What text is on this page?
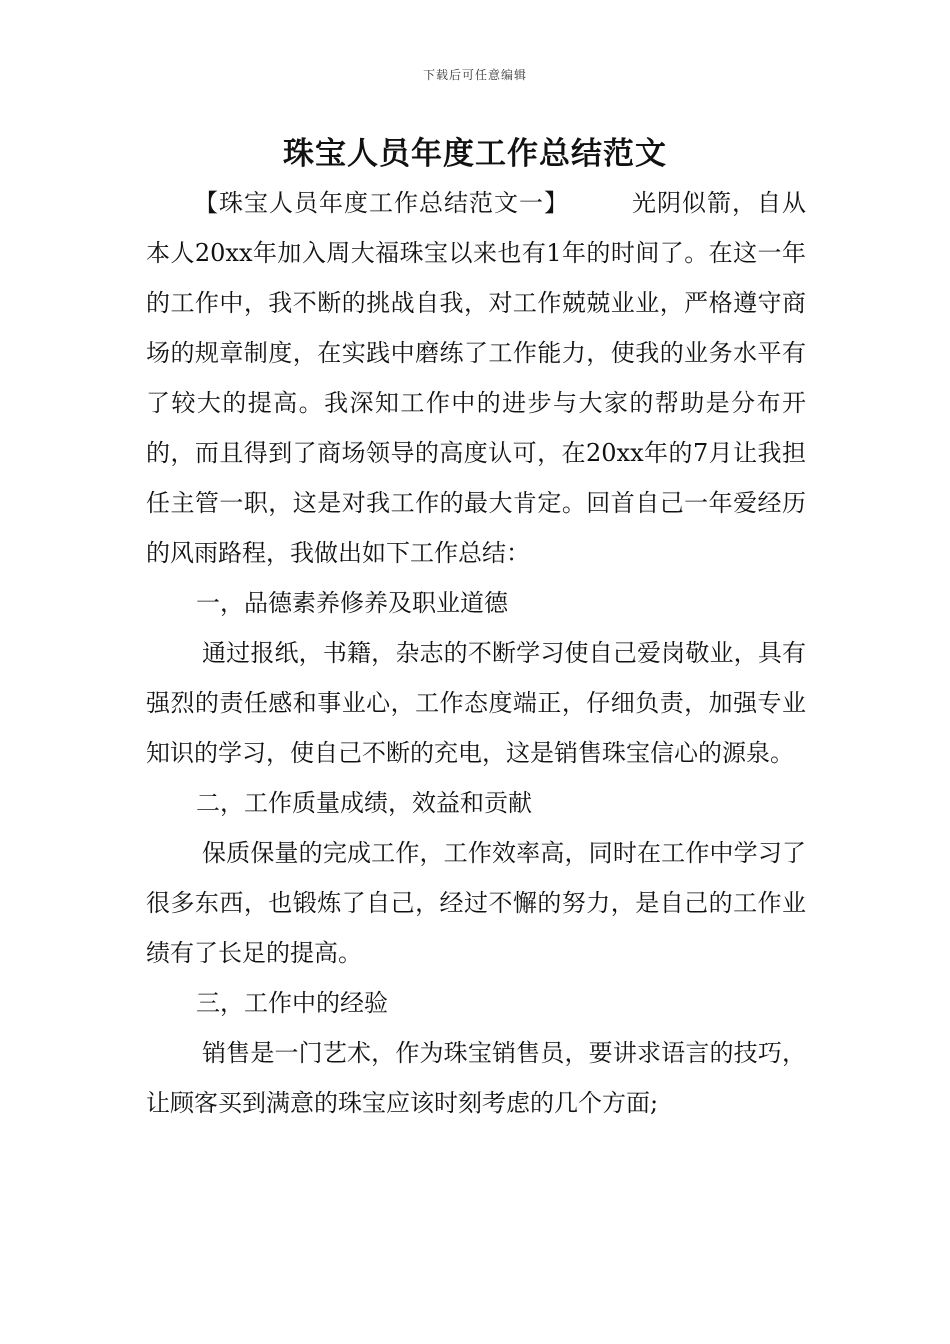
下载后可任意编辑
珠宝人员年度工作总结范文

【珠宝人员年度工作总结范文一】	光阴似箭，自从本人20xx年加入周大福珠宝以来也有1年的时间了。在这一年的工作中，我不断的挑战自我，对工作兢兢业业，严格遵守商场的规章制度，在实践中磨练了工作能力，使我的业务水平有了较大的提高。我深知工作中的进步与大家的帮助是分布开的，而且得到了商场领导的高度认可，在20xx年的7月让我担任主管一职，这是对我工作的最大肯定。回首自己一年爱经历的风雨路程，我做出如下工作总结：

一，品德素养修养及职业道德

通过报纸，书籍，杂志的不断学习使自己爱岗敬业，具有强烈的责任感和事业心，工作态度端正，仔细负责，加强专业知识的学习，使自己不断的充电，这是销售珠宝信心的源泉。

二，工作质量成绩，效益和贡献

保质保量的完成工作，工作效率高，同时在工作中学习了很多东西，也锻炼了自己，经过不懈的努力，是自己的工作业绩有了长足的提高。

三，工作中的经验

销售是一门艺术，作为珠宝销售员，要讲求语言的技巧，让顾客买到满意的珠宝应该时刻考虑的几个方面;
